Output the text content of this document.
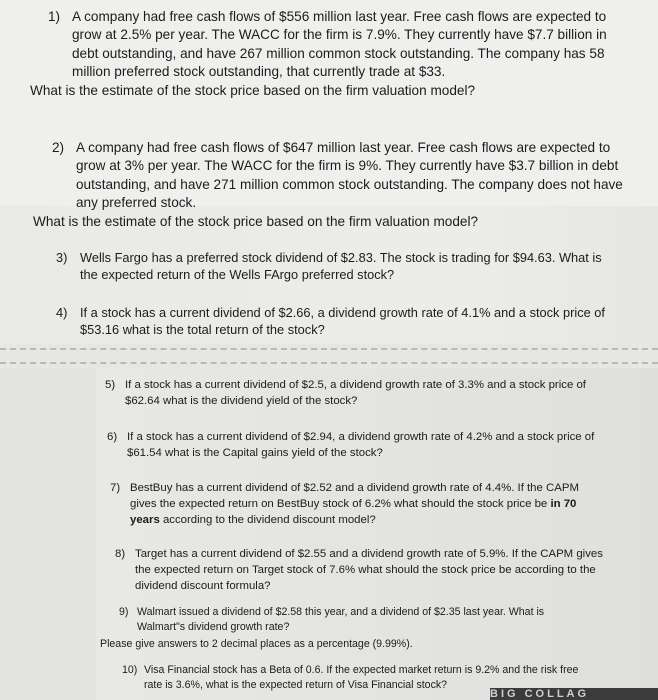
1) A company had free cash flows of $556 million last year. Free cash flows are expected to
grow at 2.5% per year. The WACC for the firm is 7.9%. They currently have $7.7 billion in
debt outstanding, and have 267 million common stock outstanding. The company has 58
million preferred stock outstanding, that currently trade at $33.

What is the estimate of the stock price based on the firm valuation model?

2) A company had free cash flows of $647 million last year. Free cash flows are expected to
grow at 3% per year. The WACC for the firm is 9%. They currently have $3.7 billion in debt
outstanding, and have 271 million common stock outstanding. The company does not have
any preferred stock.

What is the estimate of the stock price based on the firm valuation model?

3) Wells Fargo has a preferred stock dividend of $2.83. The stock is trading for $94.63. What is
the expected return of the Wells FArgo preferred stock?
4) If a stock has a current dividend of $2.66, a dividend growth rate of 4.1% and a stock price of
$53.16 what is the total return of the stock?
5) If a stock has a current dividend of $2.5, a dividend growth rate of 3.3% and a stock price of
$62.64 what is the dividend yield of the stock?
6) If a stock has a current dividend of $2.94, a dividend growth rate of 4.2% and a stock price of
$61.54 what is the Capital gains yield of the stock?
7) BestBuy has a current dividend of $2.52 and a dividend growth rate of 4.4%. If the CAPM
gives the expected return on BestBuy stock of 6.2% what should the stock price be in 70
years according to the dividend discount model?
8) Target has a current dividend of $2.55 and a dividend growth rate of 5.9%. If the CAPM gives
the expected return on Target stock of 7.6% what should the stock price be according to the
dividend discount formula?
9) Walmart issued a dividend of $2.58 this year, and a dividend of $2.35 last year. What is
Walmart"s dividend growth rate?

Please give answers to 2 decimal places as a percentage (9.99%).

10) Visa Financial stock has a Beta of 0.6. If the expected market return is 9.2% and the risk free
rate is 3.6%, what is the expected return of Visa Financial stock?
BIG COLLAG
